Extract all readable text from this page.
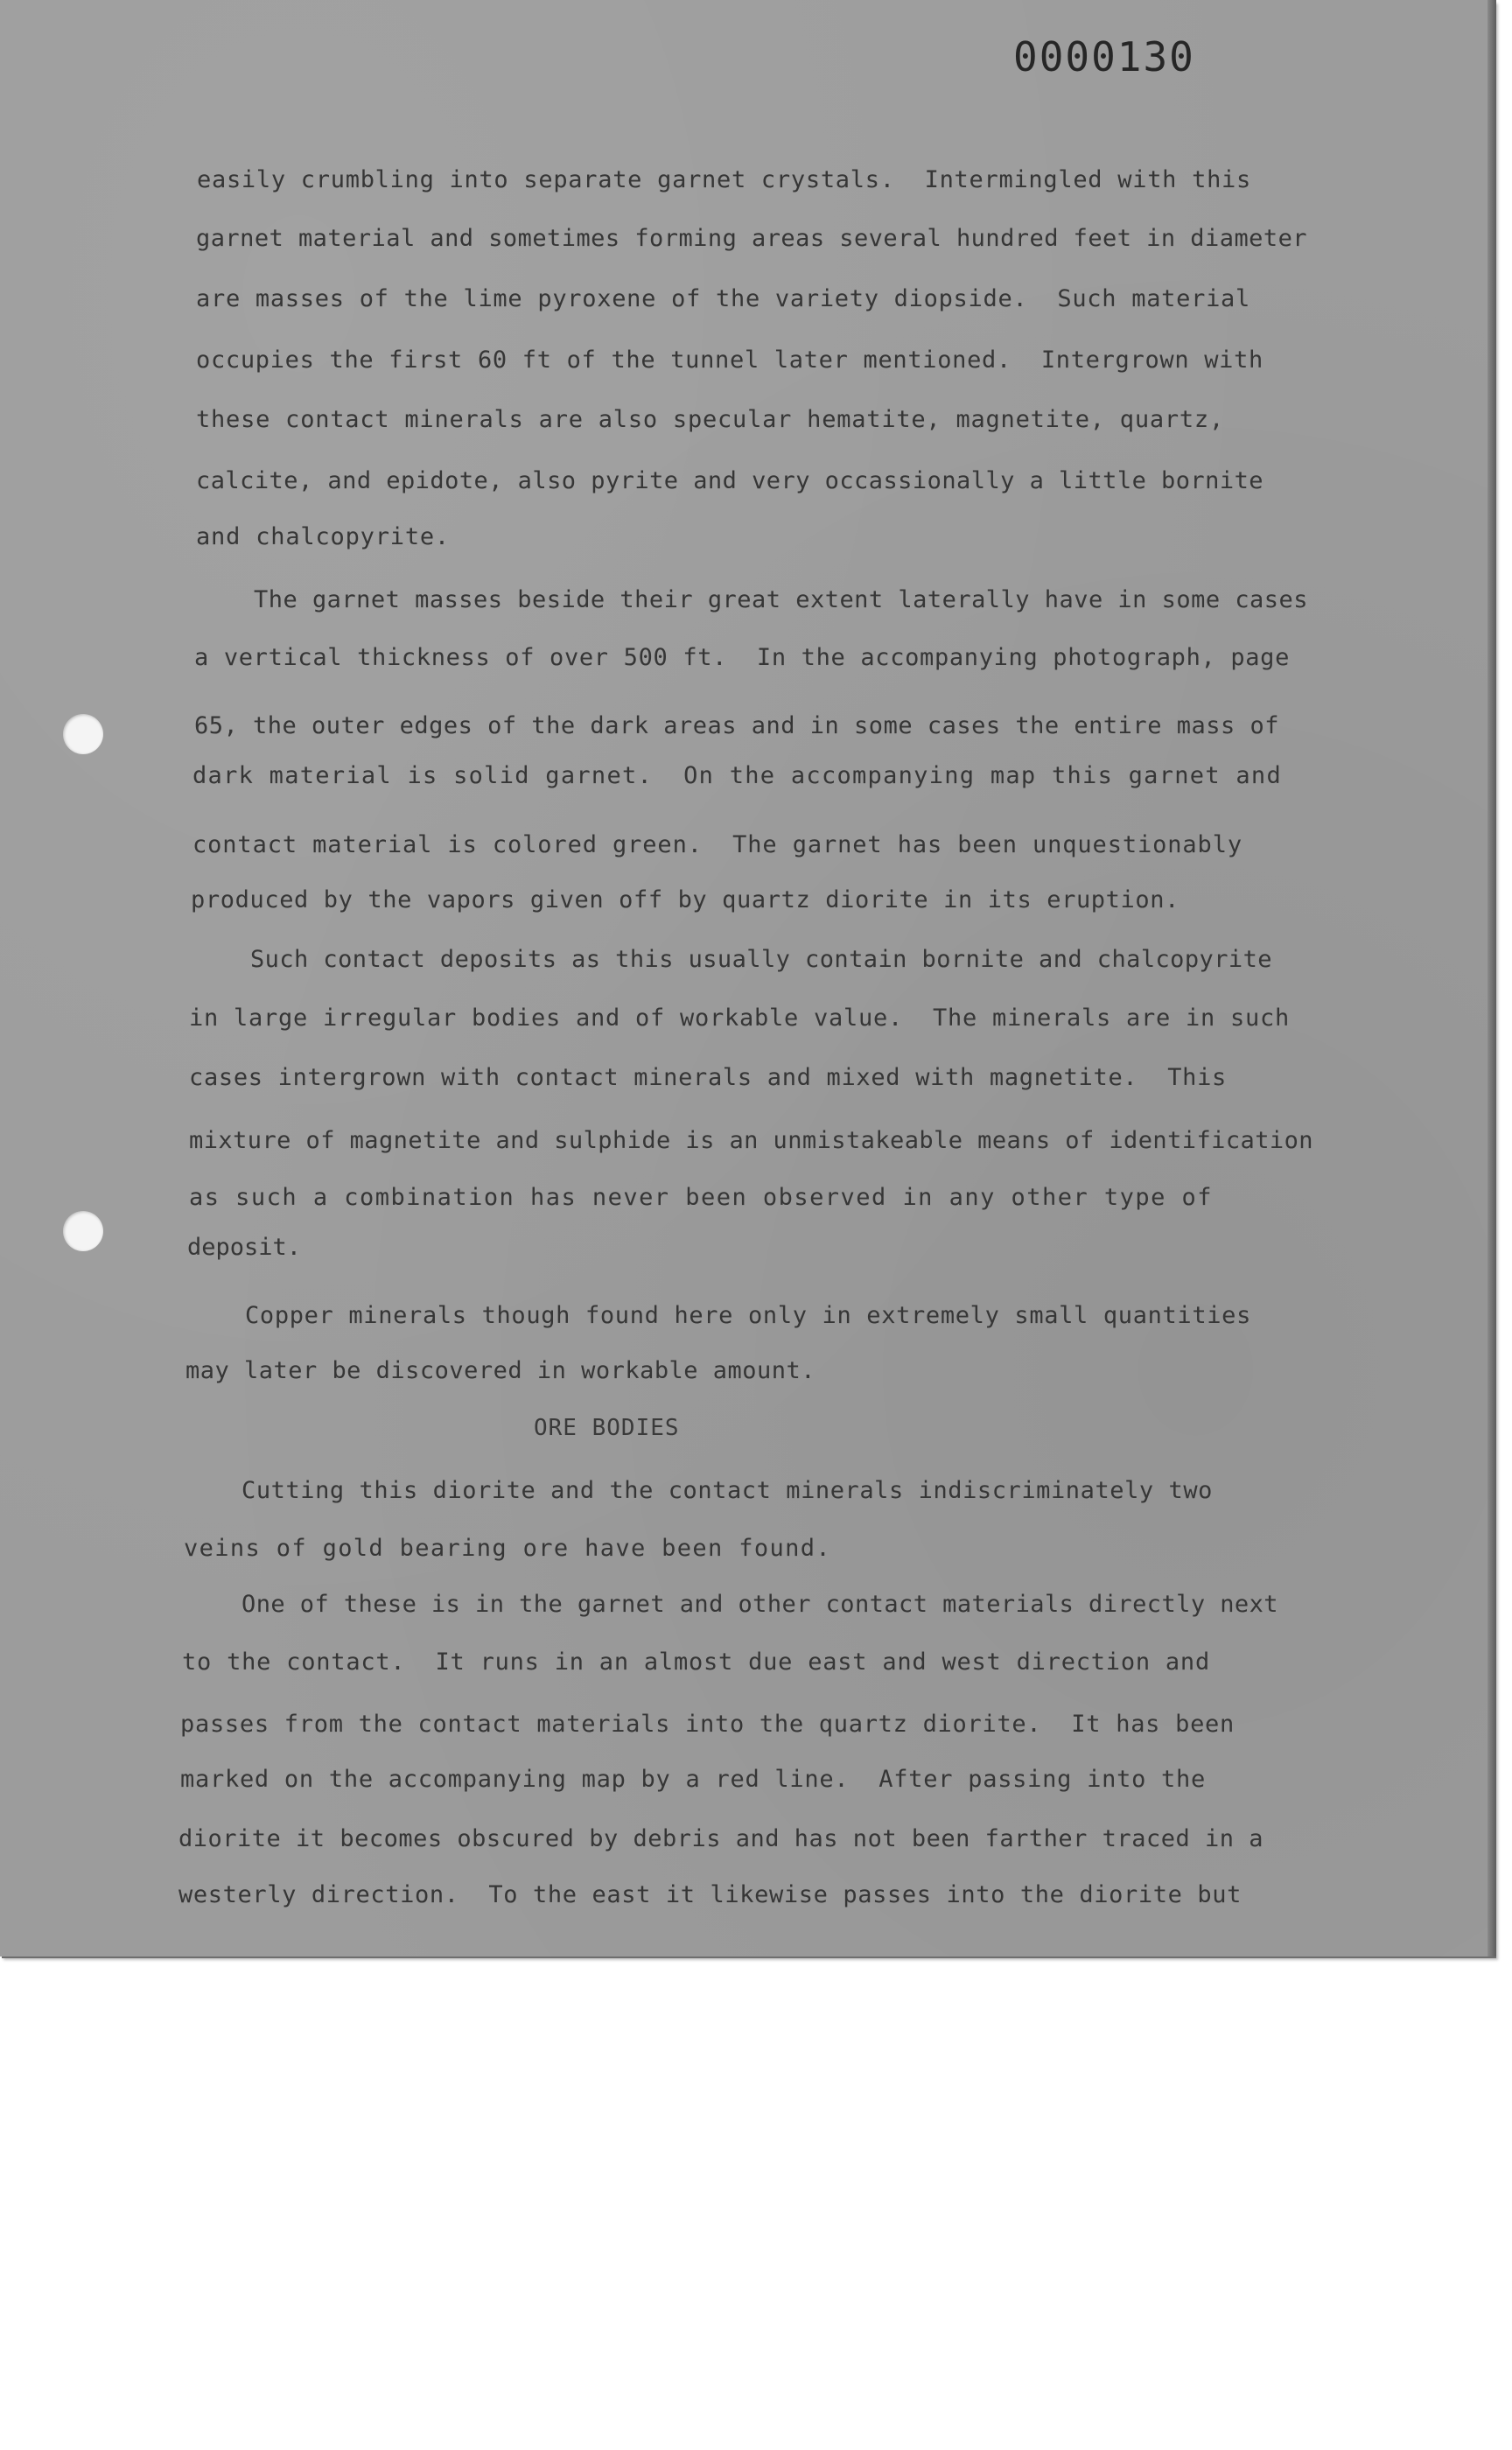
0000130
easily crumbling into separate garnet crystals.  Intermingled with this
garnet material and sometimes forming areas several hundred feet in diameter
are masses of the lime pyroxene of the variety diopside.  Such material
occupies the first 60 ft of the tunnel later mentioned.  Intergrown with
these contact minerals are also specular hematite, magnetite, quartz,
calcite, and epidote, also pyrite and very occassionally a little bornite
and chalcopyrite.
The garnet masses beside their great extent laterally have in some cases
a vertical thickness of over 500 ft.  In the accompanying photograph, page
65, the outer edges of the dark areas and in some cases the entire mass of
dark material is solid garnet.  On the accompanying map this garnet and
contact material is colored green.  The garnet has been unquestionably
produced by the vapors given off by quartz diorite in its eruption.
Such contact deposits as this usually contain bornite and chalcopyrite
in large irregular bodies and of workable value.  The minerals are in such
cases intergrown with contact minerals and mixed with magnetite.  This
mixture of magnetite and sulphide is an unmistakeable means of identification
as such a combination has never been observed in any other type of
deposit.
Copper minerals though found here only in extremely small quantities
may later be discovered in workable amount.
ORE BODIES
Cutting this diorite and the contact minerals indiscriminately two
veins of gold bearing ore have been found.
One of these is in the garnet and other contact materials directly next
to the contact.  It runs in an almost due east and west direction and
passes from the contact materials into the quartz diorite.  It has been
marked on the accompanying map by a red line.  After passing into the
diorite it becomes obscured by debris and has not been farther traced in a
westerly direction.  To the east it likewise passes into the diorite but
